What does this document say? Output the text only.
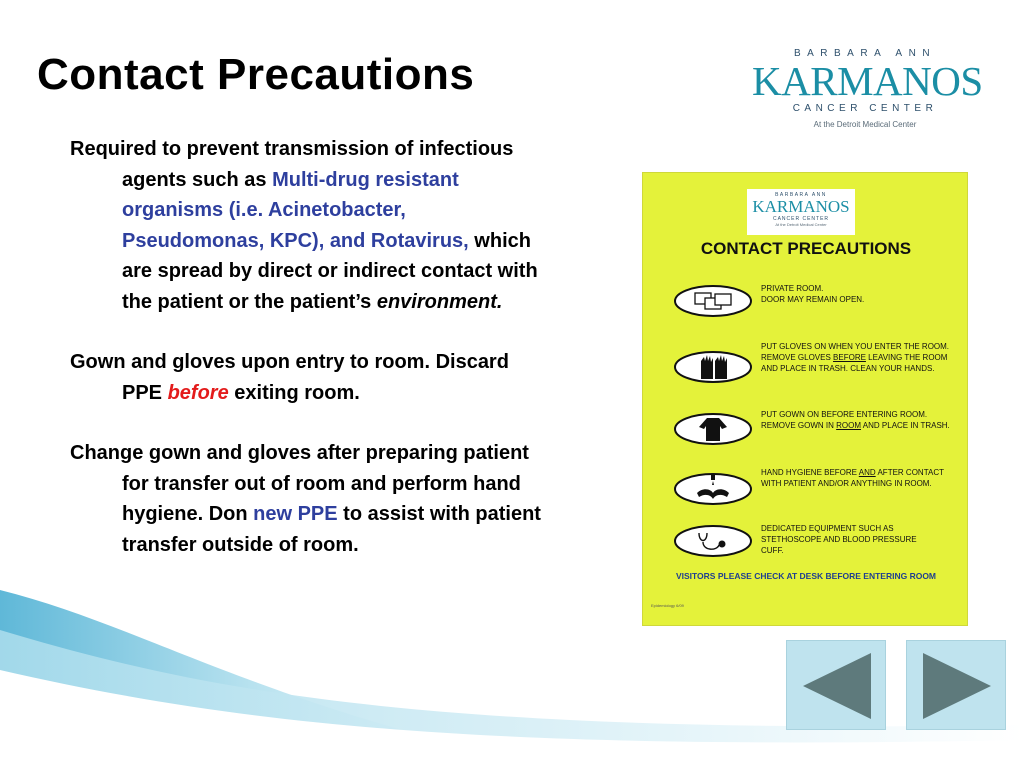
Contact Precautions	BARBARA ANN
KARMANOS
CANCER CENTER
At the Detroit Medical Center

Required to prevent transmission of infectious agents such as Multi-drug resistant organisms (i.e. Acinetobacter, Pseudomonas, KPC), and Rotavirus, which are spread by direct or indirect contact with the patient or the patient’s environment.

Gown and gloves upon entry to room. Discard PPE before exiting room.

Change gown and gloves after preparing patient for transfer out of room and perform hand hygiene. Don new PPE to assist with patient transfer outside of room.

BARBARA ANN
KARMANOS
CANCER CENTER
At the Detroit Medical Center
CONTACT PRECAUTIONS
PRIVATE ROOM.
DOOR MAY REMAIN OPEN.
PUT GLOVES ON WHEN YOU ENTER THE ROOM. REMOVE GLOVES BEFORE LEAVING THE ROOM AND PLACE IN TRASH. CLEAN YOUR HANDS.
PUT GOWN ON BEFORE ENTERING ROOM. REMOVE GOWN IN ROOM AND PLACE IN TRASH.
HAND HYGIENE BEFORE AND AFTER CONTACT WITH PATIENT AND/OR ANYTHING IN ROOM.
DEDICATED EQUIPMENT SUCH AS
STETHOSCOPE AND BLOOD PRESSURE
CUFF.
VISITORS PLEASE CHECK AT DESK BEFORE ENTERING ROOM
Epidemiology 6/09
